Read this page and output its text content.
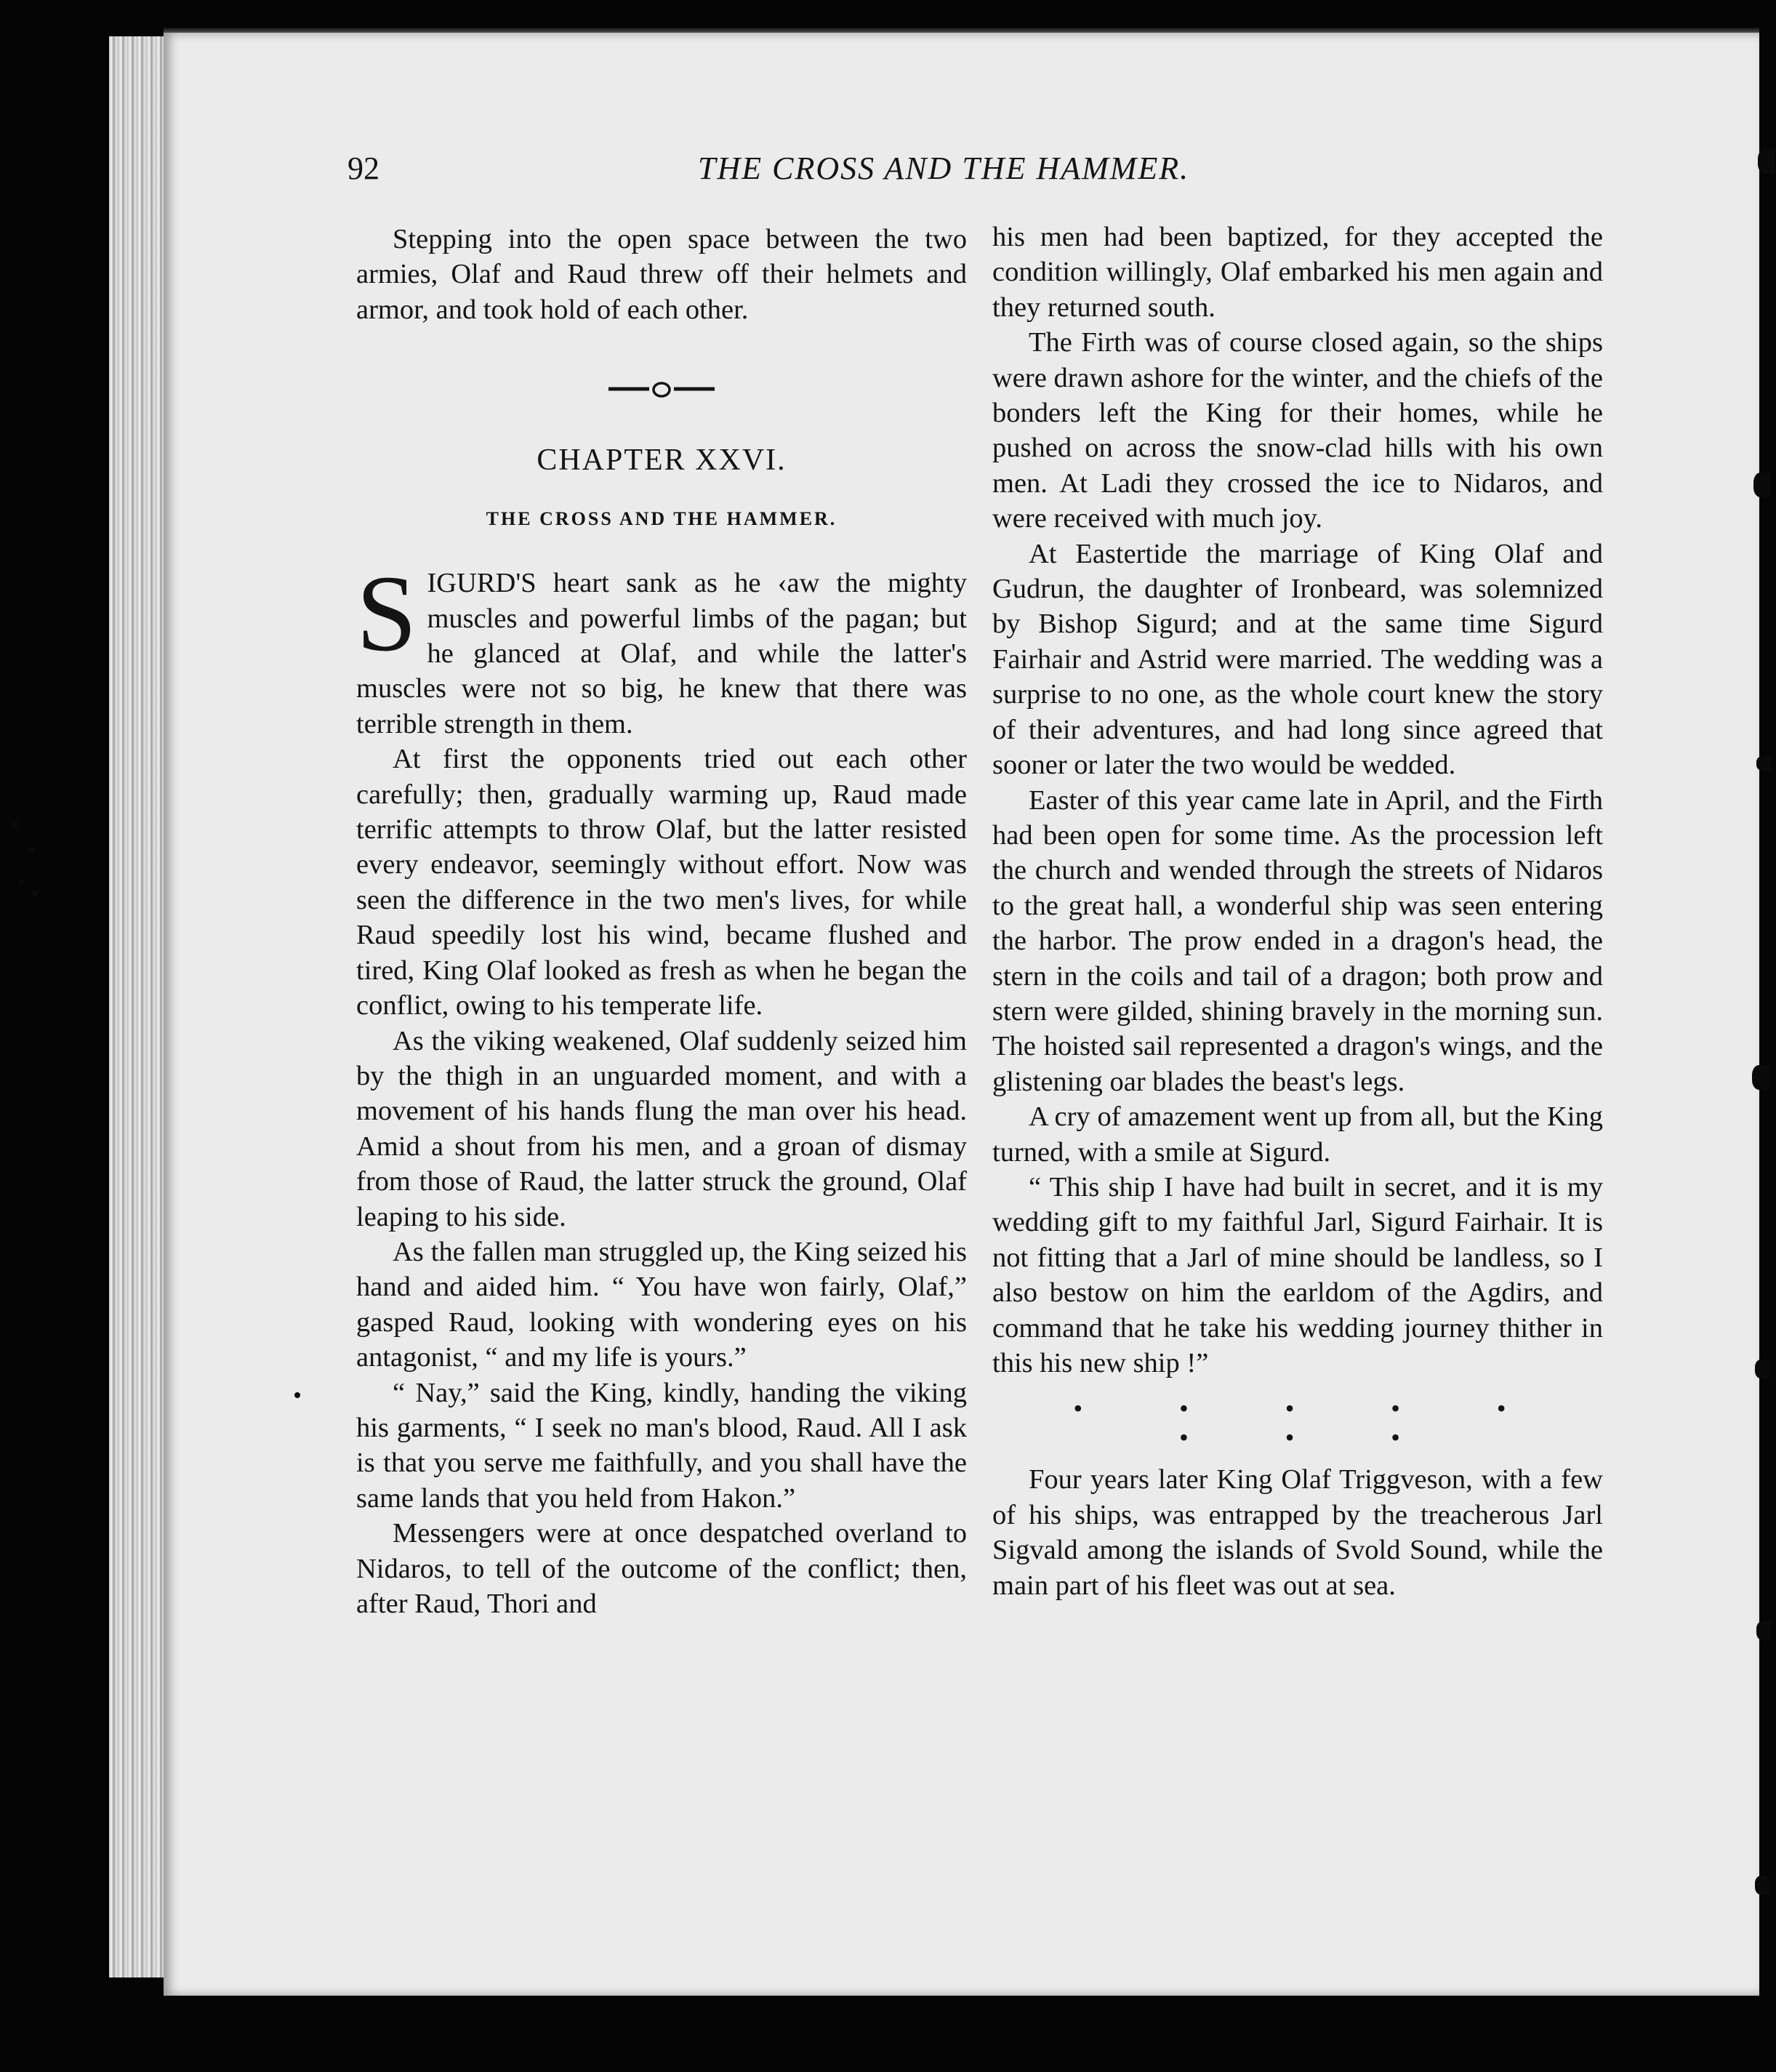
92	THE CROSS AND THE HAMMER.

Stepping into the open space between the two armies, Olaf and Raud threw off their helmets and armor, and took hold of each other.

CHAPTER XXVI.
THE CROSS AND THE HAMMER.

SIGURD'S heart sank as he ‹aw the mighty muscles and powerful limbs of the pagan; but he glanced at Olaf, and while the latter's muscles were not so big, he knew that there was terrible strength in them.

At first the opponents tried out each other carefully; then, gradually warming up, Raud made terrific attempts to throw Olaf, but the latter resisted every endeavor, seemingly without effort. Now was seen the difference in the two men's lives, for while Raud speedily lost his wind, became flushed and tired, King Olaf looked as fresh as when he began the conflict, owing to his temperate life.

As the viking weakened, Olaf suddenly seized him by the thigh in an unguarded moment, and with a movement of his hands flung the man over his head. Amid a shout from his men, and a groan of dismay from those of Raud, the latter struck the ground, Olaf leaping to his side.

As the fallen man struggled up, the King seized his hand and aided him. “ You have won fairly, Olaf,” gasped Raud, looking with wondering eyes on his antagonist, “ and my life is yours.”

“ Nay,” said the King, kindly, handing the viking his garments, “ I seek no man's blood, Raud. All I ask is that you serve me faithfully, and you shall have the same lands that you held from Hakon.”

Messengers were at once despatched overland to Nidaros, to tell of the outcome of the conflict; then, after Raud, Thori and

his men had been baptized, for they accepted the condition willingly, Olaf embarked his men again and they returned south.

The Firth was of course closed again, so the ships were drawn ashore for the winter, and the chiefs of the bonders left the King for their homes, while he pushed on across the snow-clad hills with his own men. At Ladi they crossed the ice to Nidaros, and were received with much joy.

At Eastertide the marriage of King Olaf and Gudrun, the daughter of Ironbeard, was solemnized by Bishop Sigurd; and at the same time Sigurd Fairhair and Astrid were married. The wedding was a surprise to no one, as the whole court knew the story of their adventures, and had long since agreed that sooner or later the two would be wedded.

Easter of this year came late in April, and the Firth had been open for some time. As the procession left the church and wended through the streets of Nidaros to the great hall, a wonderful ship was seen entering the harbor. The prow ended in a dragon's head, the stern in the coils and tail of a dragon; both prow and stern were gilded, shining bravely in the morning sun. The hoisted sail represented a dragon's wings, and the glistening oar blades the beast's legs.

A cry of amazement went up from all, but the King turned, with a smile at Sigurd.

“ This ship I have had built in secret, and it is my wedding gift to my faithful Jarl, Sigurd Fairhair. It is not fitting that a Jarl of mine should be landless, so I also bestow on him the earldom of the Agdirs, and command that he take his wedding journey thither in this his new ship !”

• • • • • • • •

Four years later King Olaf Triggveson, with a few of his ships, was entrapped by the treacherous Jarl Sigvald among the islands of Svold Sound, while the main part of his fleet was out at sea.
